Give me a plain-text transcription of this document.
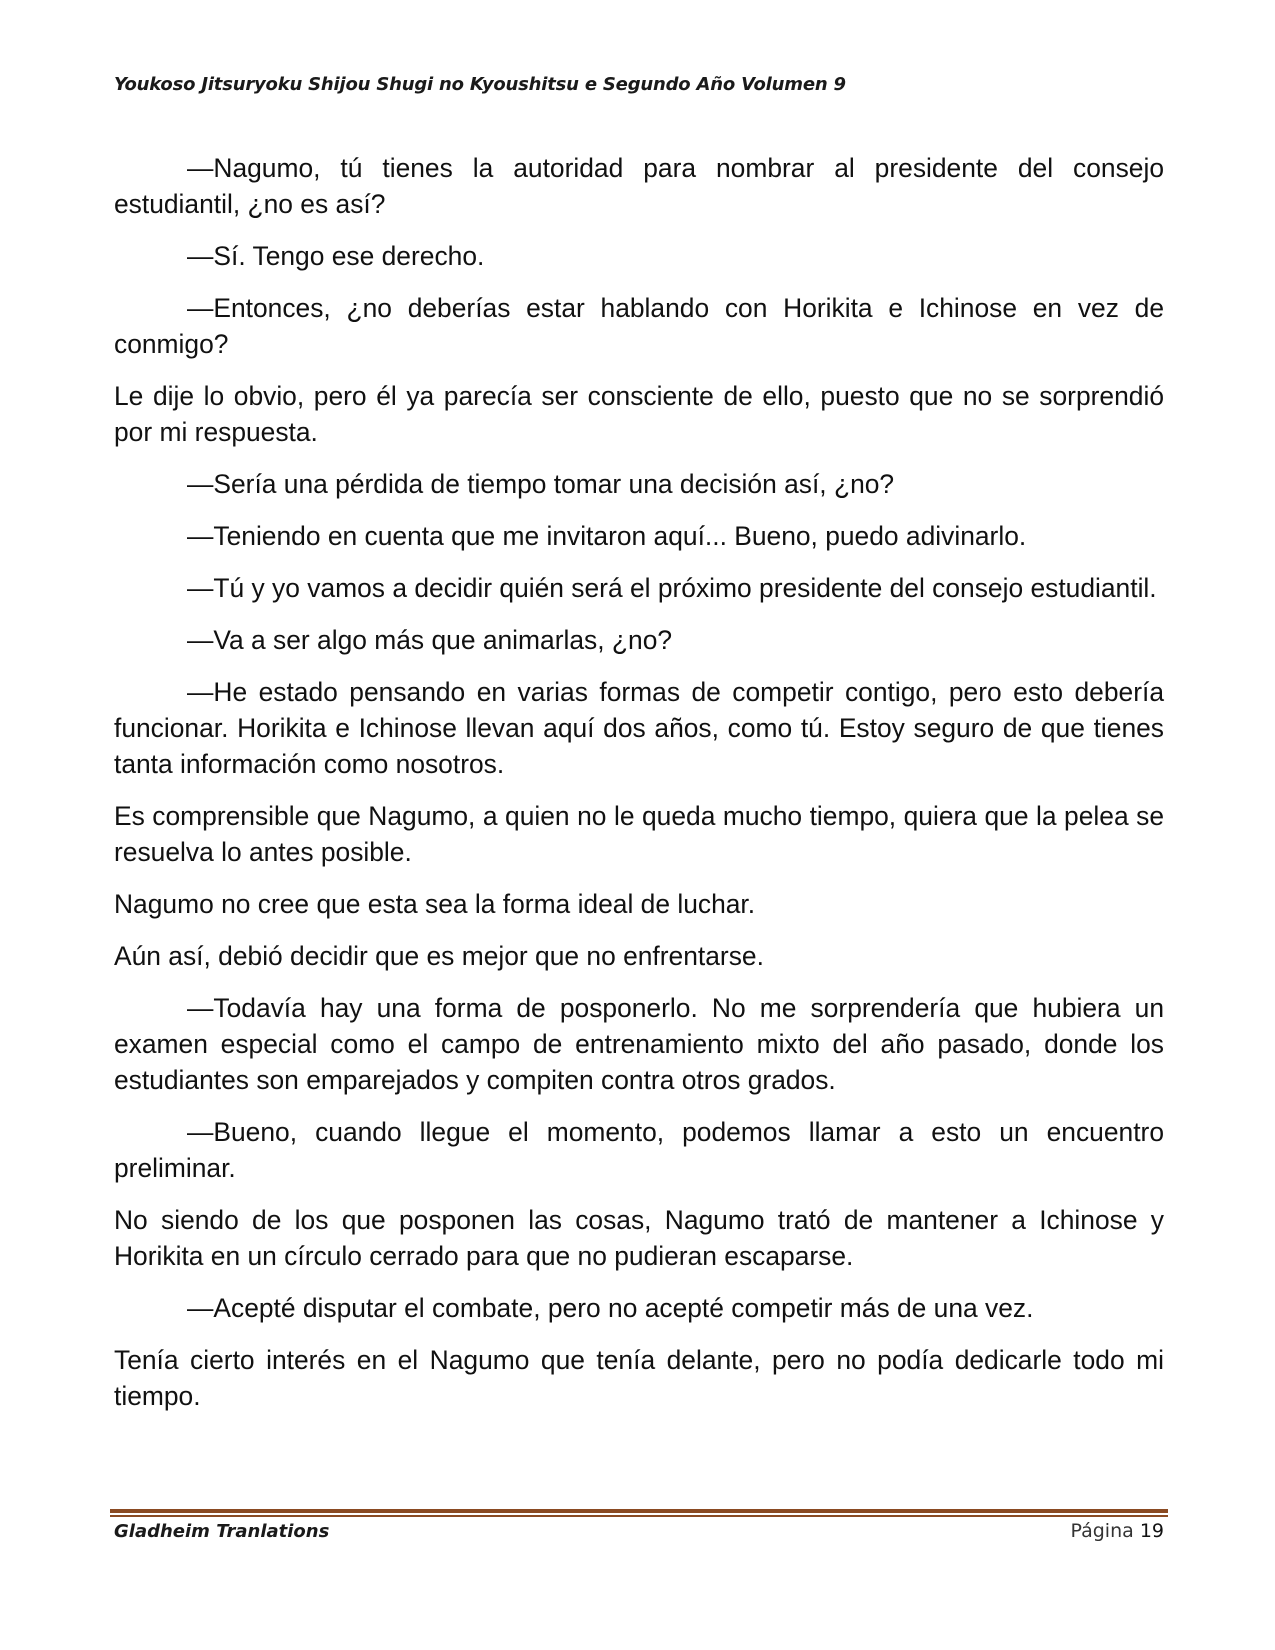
Youkoso Jitsuryoku Shijou Shugi no Kyoushitsu e Segundo Año Volumen 9

—Nagumo, tú tienes la autoridad para nombrar al presidente del consejo estudiantil, ¿no es así?

—Sí. Tengo ese derecho.

—Entonces, ¿no deberías estar hablando con Horikita e Ichinose en vez de conmigo?

Le dije lo obvio, pero él ya parecía ser consciente de ello, puesto que no se sorprendió por mi respuesta.

—Sería una pérdida de tiempo tomar una decisión así, ¿no?

—Teniendo en cuenta que me invitaron aquí... Bueno, puedo adivinarlo.

—Tú y yo vamos a decidir quién será el próximo presidente del consejo estudiantil.

—Va a ser algo más que animarlas, ¿no?

—He estado pensando en varias formas de competir contigo, pero esto debería funcionar. Horikita e Ichinose llevan aquí dos años, como tú. Estoy seguro de que tienes tanta información como nosotros.

Es comprensible que Nagumo, a quien no le queda mucho tiempo, quiera que la pelea se resuelva lo antes posible.

Nagumo no cree que esta sea la forma ideal de luchar.

Aún así, debió decidir que es mejor que no enfrentarse.

—Todavía hay una forma de posponerlo. No me sorprendería que hubiera un examen especial como el campo de entrenamiento mixto del año pasado, donde los estudiantes son emparejados y compiten contra otros grados.

—Bueno, cuando llegue el momento, podemos llamar a esto un encuentro preliminar.

No siendo de los que posponen las cosas, Nagumo trató de mantener a Ichinose y Horikita en un círculo cerrado para que no pudieran escaparse.

—Acepté disputar el combate, pero no acepté competir más de una vez.

Tenía cierto interés en el Nagumo que tenía delante, pero no podía dedicarle todo mi tiempo.

Gladheim Tranlations	Página 19
